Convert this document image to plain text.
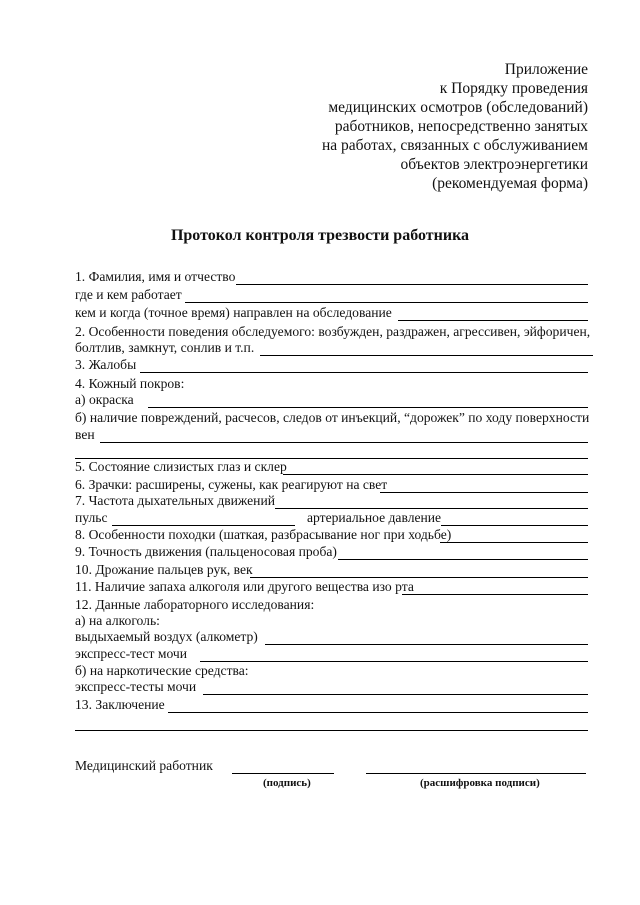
Приложение
к Порядку проведения
медицинских осмотров (обследований)
работников, непосредственно занятых
на работах, связанных с обслуживанием
объектов электроэнергетики
(рекомендуемая форма)
Протокол контроля трезвости работника
1. Фамилия, имя и отчество
где и кем работает
кем и когда (точное время) направлен на обследование
2. Особенности поведения обследуемого: возбужден, раздражен, агрессивен, эйфоричен,
болтлив, замкнут, сонлив и т.п.
3. Жалобы
4. Кожный покров:
а) окраска
б) наличие повреждений, расчесов, следов от инъекций, “дорожек” по ходу поверхности
вен
5. Состояние слизистых глаз и склер
6. Зрачки: расширены, сужены, как реагируют на свет
7. Частота дыхательных движений
пульс	артериальное давление
8. Особенности походки (шаткая, разбрасывание ног при ходьбе)
9. Точность движения (пальценосовая проба)
10. Дрожание пальцев рук, век
11. Наличие запаха алкоголя или другого вещества изо рта
12. Данные лабораторного исследования:
а) на алкоголь:
выдыхаемый воздух (алкометр)
экспресс-тест мочи
б) на наркотические средства:
экспресс-тесты мочи
13. Заключение
Медицинский работник
(подпись)	(расшифровка подписи)
